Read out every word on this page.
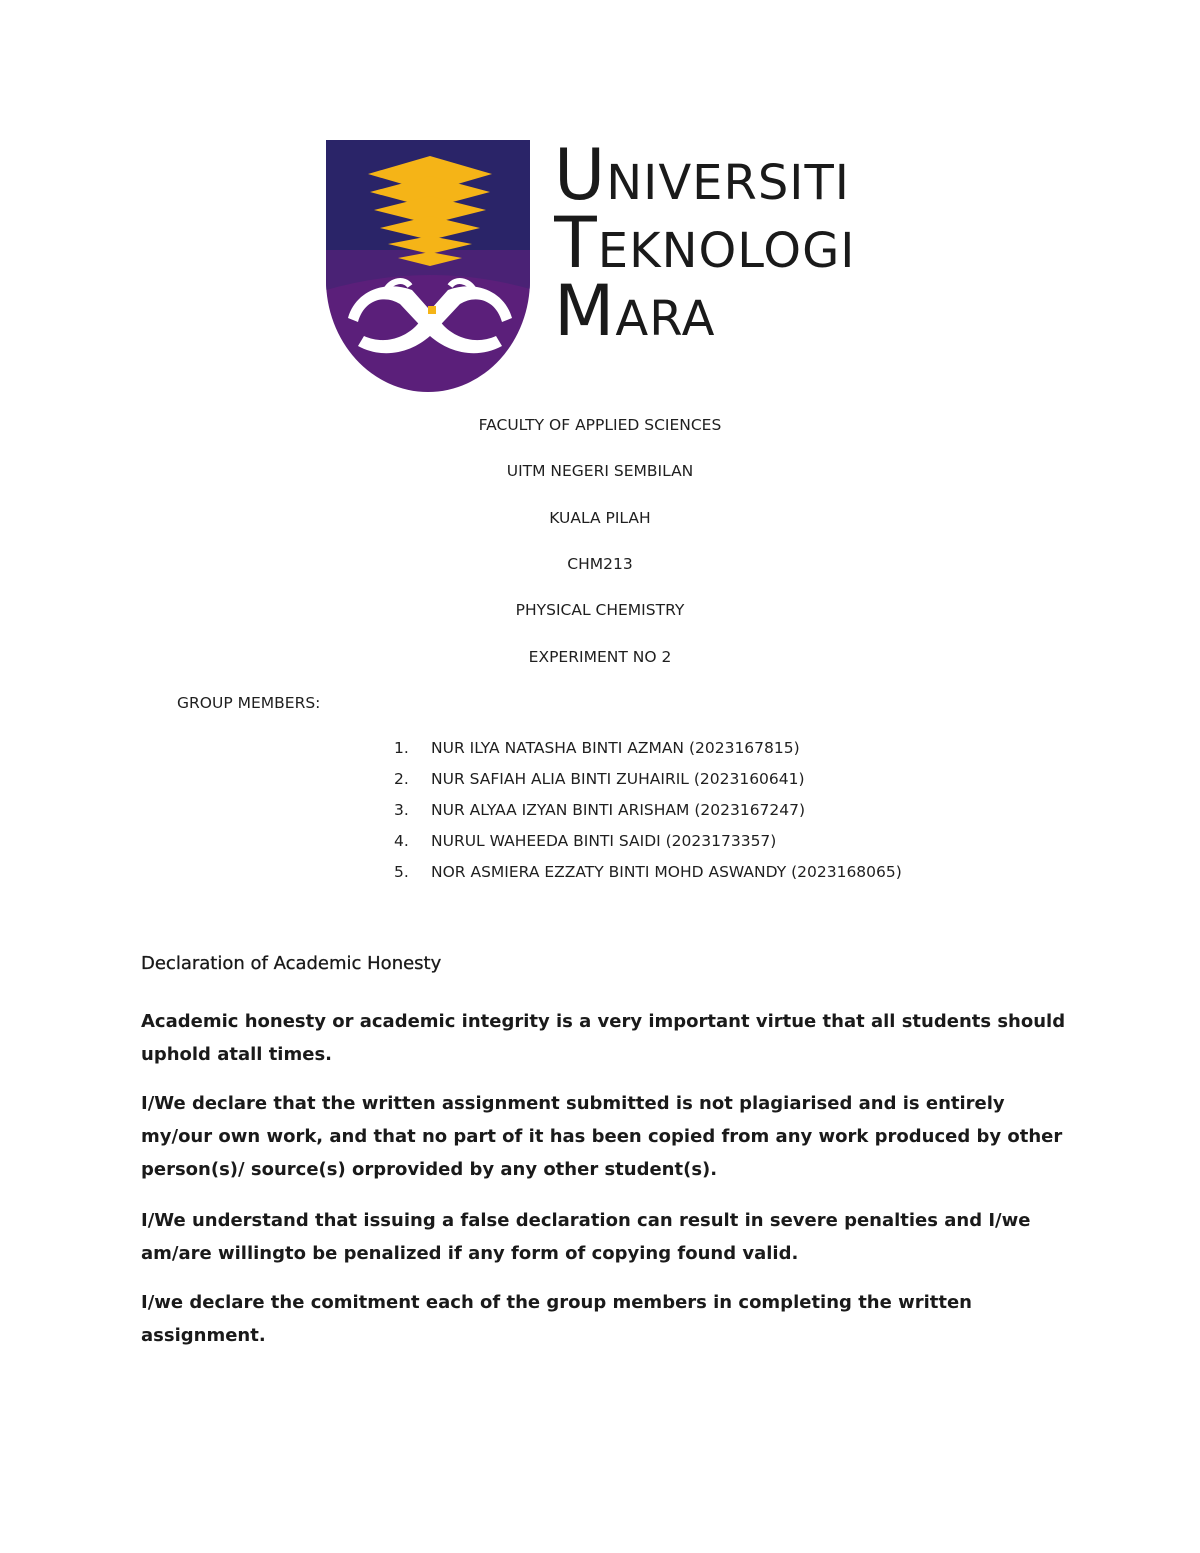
UNIVERSITI
TEKNOLOGI
MARA
FACULTY OF APPLIED SCIENCES
UITM NEGERI SEMBILAN
KUALA PILAH
CHM213
PHYSICAL CHEMISTRY
EXPERIMENT NO 2
GROUP MEMBERS:
1.	NUR ILYA NATASHA BINTI AZMAN (2023167815)
2.	NUR SAFIAH ALIA BINTI ZUHAIRIL (2023160641)
3.	NUR ALYAA IZYAN BINTI ARISHAM (2023167247)
4.	NURUL WAHEEDA BINTI SAIDI (2023173357)
5.	NOR ASMIERA EZZATY BINTI MOHD ASWANDY (2023168065)
Declaration of Academic Honesty
Academic honesty or academic integrity is a very important virtue that all students should uphold atall times.
I/We declare that the written assignment submitted is not plagiarised and is entirely my/our own work, and that no part of it has been copied from any work produced by other person(s)/ source(s) orprovided by any other student(s).
I/We understand that issuing a false declaration can result in severe penalties and I/we am/are willingto be penalized if any form of copying found valid.
I/we declare the comitment each of the group members in completing the written assignment.
